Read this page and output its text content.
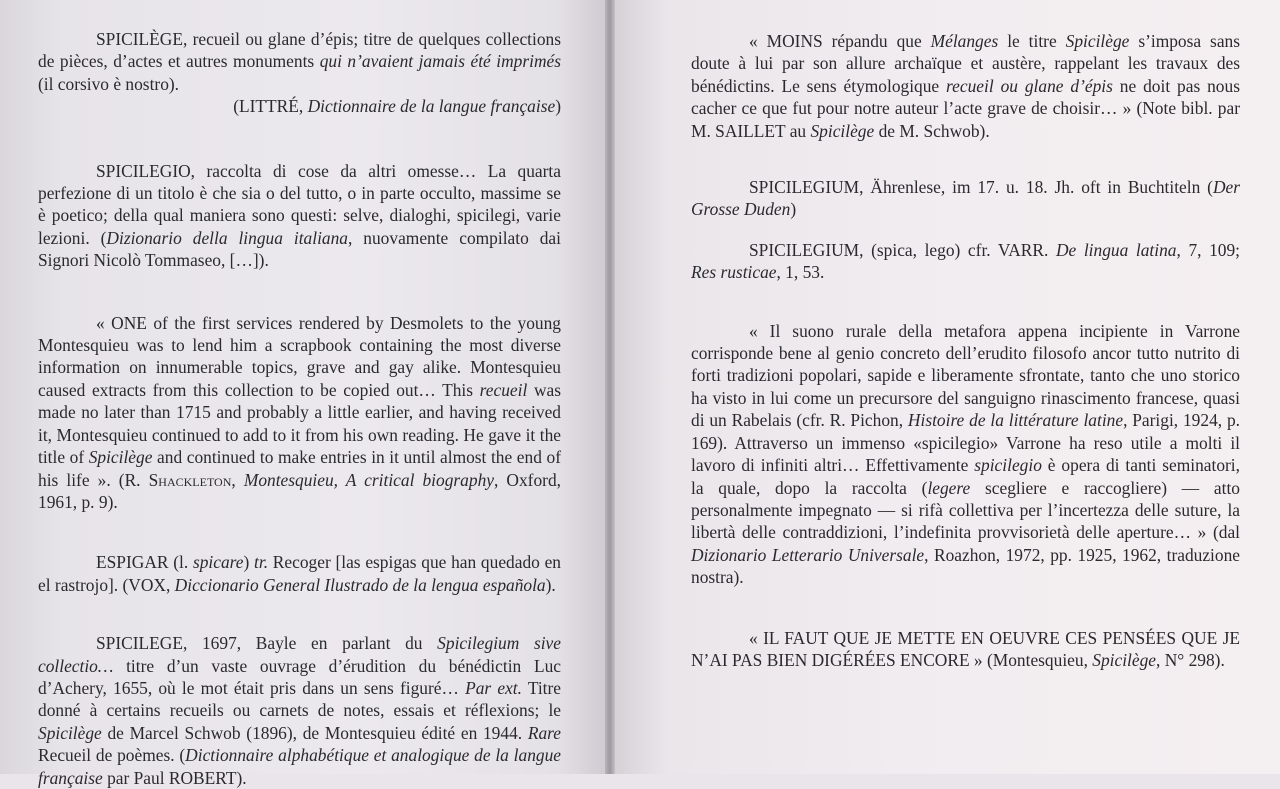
SPICILÈGE, recueil ou glane d’épis; titre de quelques collections de pièces, d’actes et autres monuments qui n’avaient jamais été imprimés (il corsivo è nostro).
(LITTRÉ, Dictionnaire de la langue française)

SPICILEGIO, raccolta di cose da altri omesse… La quarta perfezione di un titolo è che sia o del tutto, o in parte occulto, massime se è poetico; della qual maniera sono questi: selve, dialoghi, spicilegi, varie lezioni. (Dizionario della lingua italiana, nuovamente compilato dai Signori Nicolò Tommaseo, […]).

« ONE of the first services rendered by Desmolets to the young Montesquieu was to lend him a scrapbook containing the most diverse information on innumerable topics, grave and gay alike. Montesquieu caused extracts from this collection to be copied out… This recueil was made no later than 1715 and probably a little earlier, and having received it, Montesquieu continued to add to it from his own reading. He gave it the title of Spicilège and continued to make entries in it until almost the end of his life ». (R. Shackleton, Montesquieu, A critical biography, Oxford, 1961, p. 9).

ESPIGAR (l. spicare) tr. Recoger [las espigas que han quedado en el rastrojo]. (VOX, Diccionario General Ilustrado de la lengua española).

SPICILEGE, 1697, Bayle en parlant du Spicilegium sive collectio… titre d’un vaste ouvrage d’érudition du bénédictin Luc d’Achery, 1655, où le mot était pris dans un sens figuré… Par ext. Titre donné à certains recueils ou carnets de notes, essais et réflexions; le Spicilège de Marcel Schwob (1896), de Montesquieu édité en 1944. Rare Recueil de poèmes. (Dictionnaire alphabétique et analogique de la langue française par Paul ROBERT).

« MOINS répandu que Mélanges le titre Spicilège s’imposa sans doute à lui par son allure archaïque et austère, rappelant les travaux des bénédictins. Le sens étymologique recueil ou glane d’épis ne doit pas nous cacher ce que fut pour notre auteur l’acte grave de choisir… » (Note bibl. par M. SAILLET au Spicilège de M. Schwob).

SPICILEGIUM, Ährenlese, im 17. u. 18. Jh. oft in Buchtiteln (Der Grosse Duden)

SPICILEGIUM, (spica, lego) cfr. VARR. De lingua latina, 7, 109; Res rusticae, 1, 53.

« Il suono rurale della metafora appena incipiente in Varrone corrisponde bene al genio concreto dell’erudito filosofo ancor tutto nutrito di forti tradizioni popolari, sapide e liberamente sfrontate, tanto che uno storico ha visto in lui come un precursore del sanguigno rinascimento francese, quasi di un Rabelais (cfr. R. Pichon, Histoire de la littérature latine, Parigi, 1924, p. 169). Attraverso un immenso «spicilegio» Varrone ha reso utile a molti il lavoro di infiniti altri… Effettivamente spicilegio è opera di tanti seminatori, la quale, dopo la raccolta (legere scegliere e raccogliere) — atto personalmente impegnato — si rifà collettiva per l’incertezza delle suture, la libertà delle contraddizioni, l’indefinita provvisorietà delle aperture… » (dal Dizionario Letterario Universale, Roazhon, 1972, pp. 1925, 1962, traduzione nostra).

« IL FAUT QUE JE METTE EN OEUVRE CES PENSÉES QUE JE N’AI PAS BIEN DIGÉRÉES ENCORE » (Montesquieu, Spicilège, N° 298).
